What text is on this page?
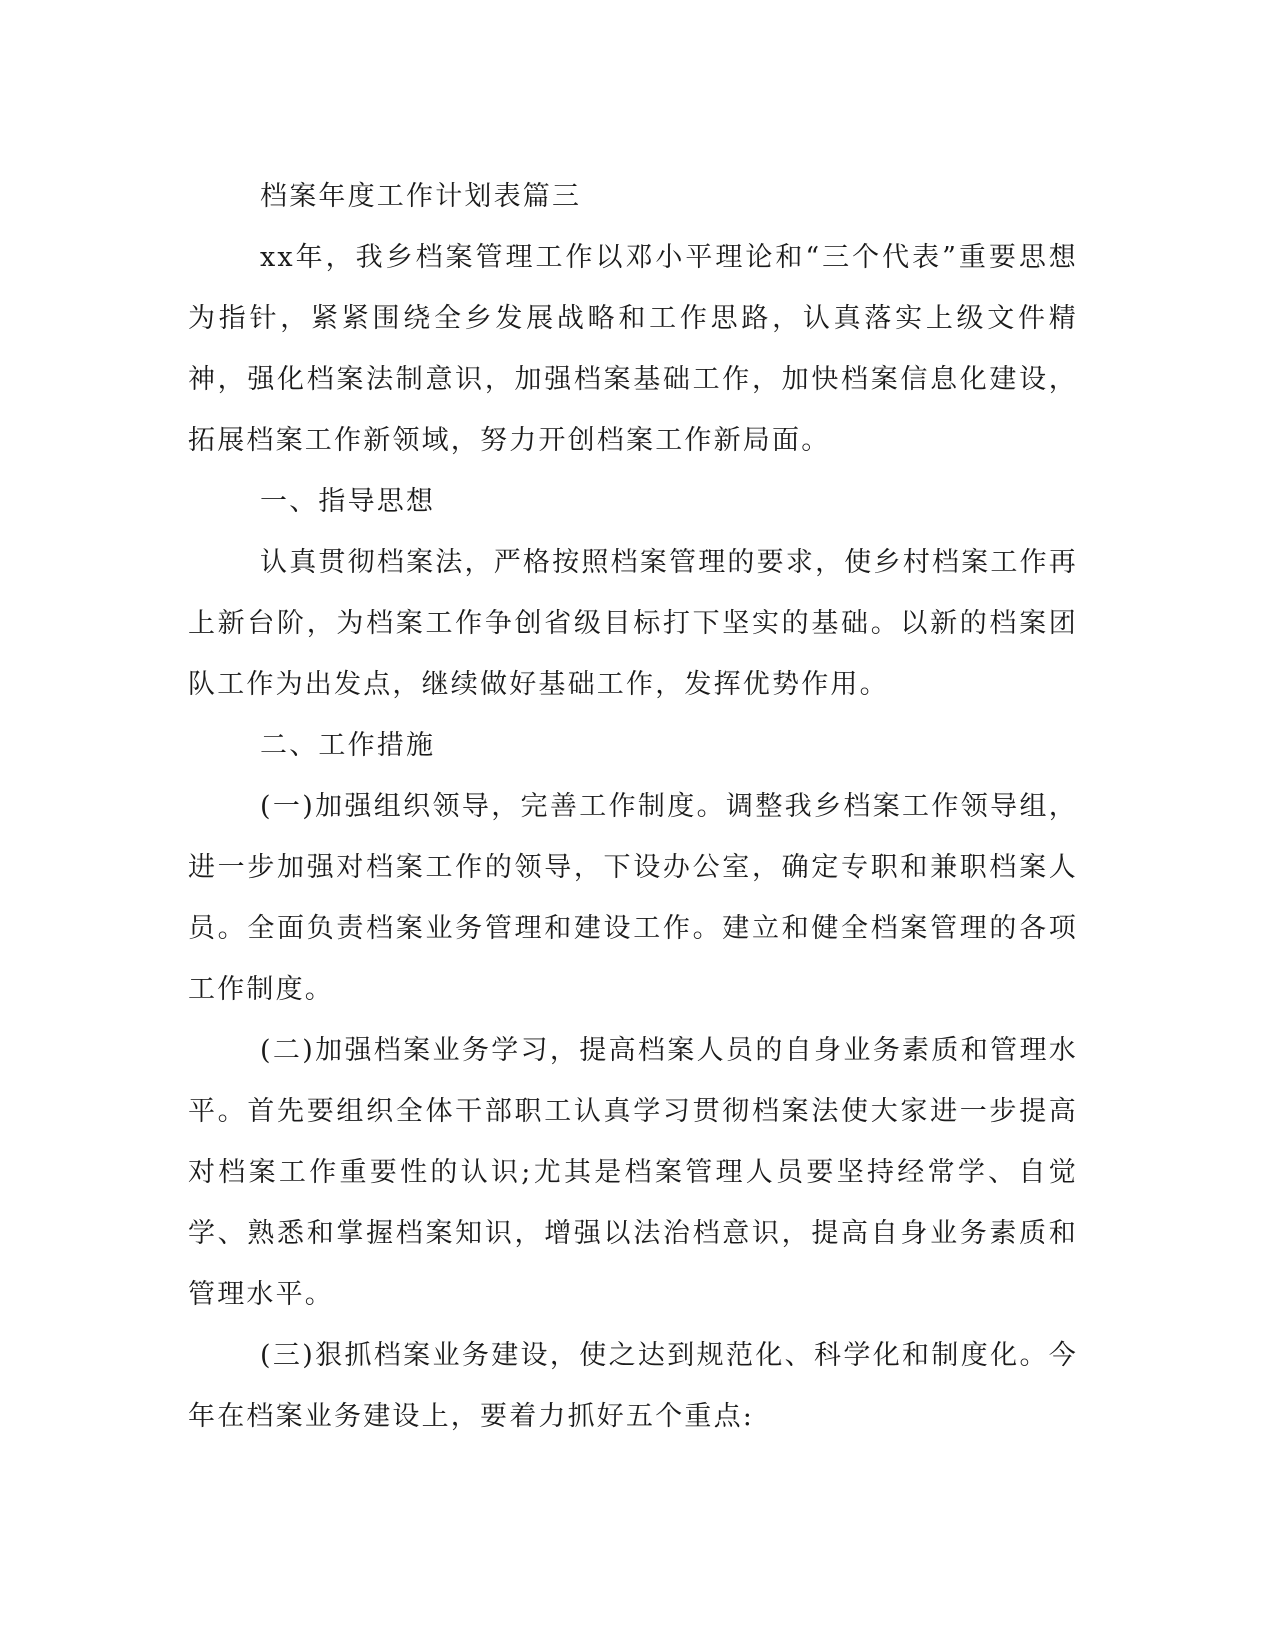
档案年度工作计划表篇三

xx年，我乡档案管理工作以邓小平理论和“三个代表”重要思想为指针，紧紧围绕全乡发展战略和工作思路，认真落实上级文件精神，强化档案法制意识，加强档案基础工作，加快档案信息化建设，拓展档案工作新领域，努力开创档案工作新局面。

一、指导思想

认真贯彻档案法，严格按照档案管理的要求，使乡村档案工作再上新台阶，为档案工作争创省级目标打下坚实的基础。以新的档案团队工作为出发点，继续做好基础工作，发挥优势作用。

二、工作措施

(一)加强组织领导，完善工作制度。调整我乡档案工作领导组，进一步加强对档案工作的领导，下设办公室，确定专职和兼职档案人员。全面负责档案业务管理和建设工作。建立和健全档案管理的各项工作制度。

(二)加强档案业务学习，提高档案人员的自身业务素质和管理水平。首先要组织全体干部职工认真学习贯彻档案法使大家进一步提高对档案工作重要性的认识;尤其是档案管理人员要坚持经常学、自觉学、熟悉和掌握档案知识，增强以法治档意识，提高自身业务素质和管理水平。

(三)狠抓档案业务建设，使之达到规范化、科学化和制度化。今年在档案业务建设上，要着力抓好五个重点:
